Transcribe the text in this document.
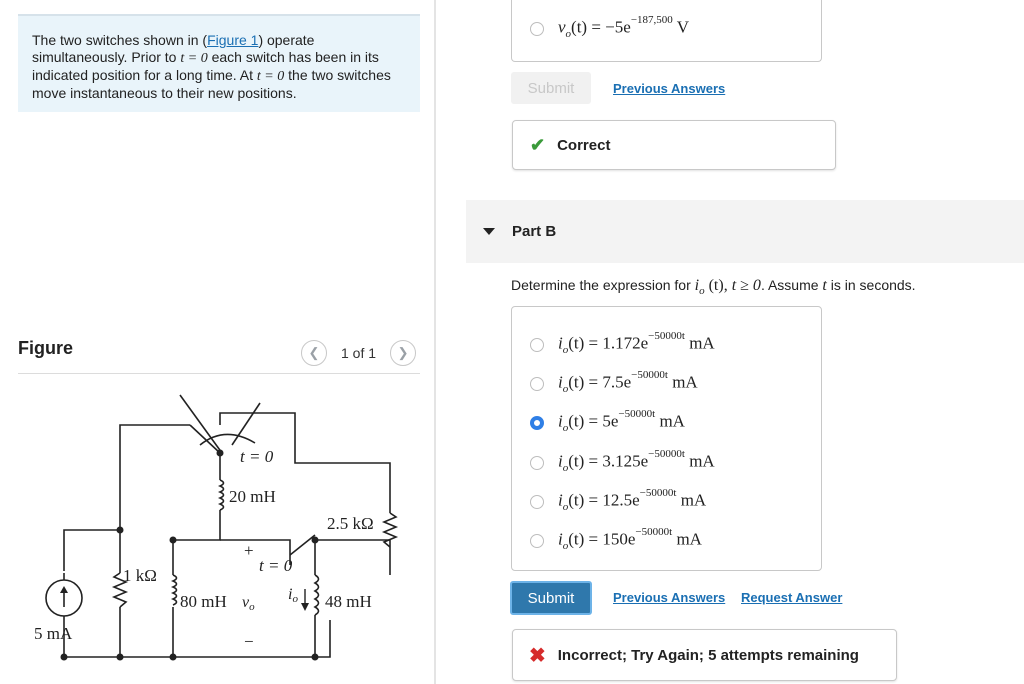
The two switches shown in (Figure 1) operate simultaneously. Prior to t = 0 each switch has been in its indicated position for a long time. At t = 0 the two switches move instantaneous to their new positions.
Figure	❮	1 of 1	❯
5 mA
1 kΩ
20 mH
t = 0
2.5 kΩ
t = 0
80 mH	48 mH
+
−
vo
io
$v_o(t) = -5e^{-187,500}$ V
Submit	Previous Answers
✔ Correct
Part B
Determine the expression for $i_o$ (t), t ≥ 0. Assume t is in seconds.
$i_o(t) = 1.172e^{-50000t}$ mA
$i_o(t) = 7.5e^{-50000t}$ mA
$i_o(t) = 5e^{-50000t}$ mA
$i_o(t) = 3.125e^{-50000t}$ mA
$i_o(t) = 12.5e^{-50000t}$ mA
$i_o(t) = 150e^{-50000t}$ mA
Submit	Previous Answers Request Answer
✖ Incorrect; Try Again; 5 attempts remaining
